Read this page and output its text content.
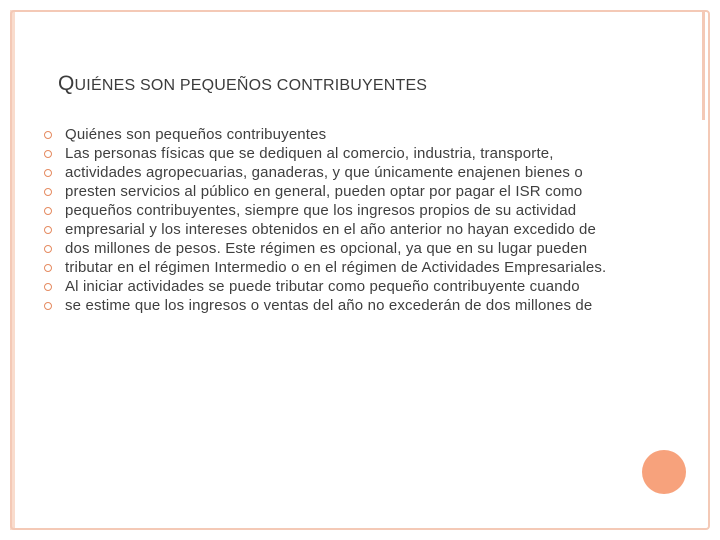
QUIÉNES SON PEQUEÑOS CONTRIBUYENTES
Quiénes son pequeños contribuyentes
Las personas físicas que se dediquen al comercio, industria, transporte,
actividades agropecuarias, ganaderas, y que únicamente enajenen bienes o
presten servicios al público en general, pueden optar por pagar el ISR como
pequeños contribuyentes, siempre que los ingresos propios de su actividad
empresarial y los intereses obtenidos en el año anterior no hayan excedido de
dos millones de pesos. Este régimen es opcional, ya que en su lugar pueden
tributar en el régimen Intermedio o en el régimen de Actividades Empresariales.
Al iniciar actividades se puede tributar como pequeño contribuyente cuando
se estime que los ingresos o ventas del año no excederán de dos millones de
